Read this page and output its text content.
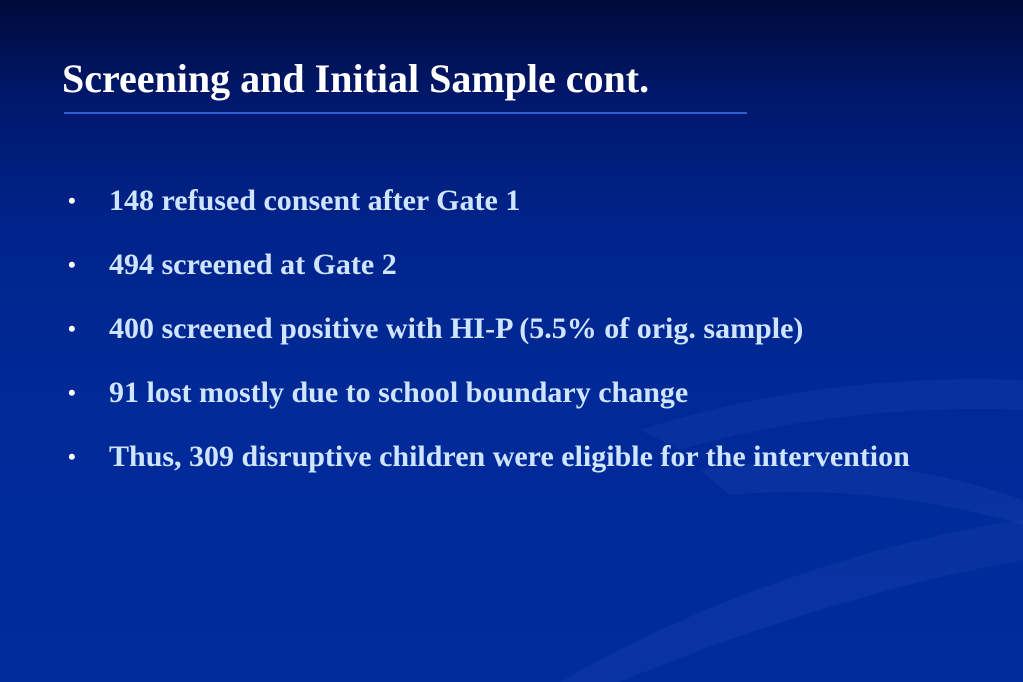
Screening and Initial Sample cont.
•	148 refused consent after Gate 1
•	494 screened at Gate 2
•	400 screened positive with HI-P (5.5% of orig. sample)
•	91 lost mostly due to school boundary change
•	Thus, 309 disruptive children were eligible for the intervention
